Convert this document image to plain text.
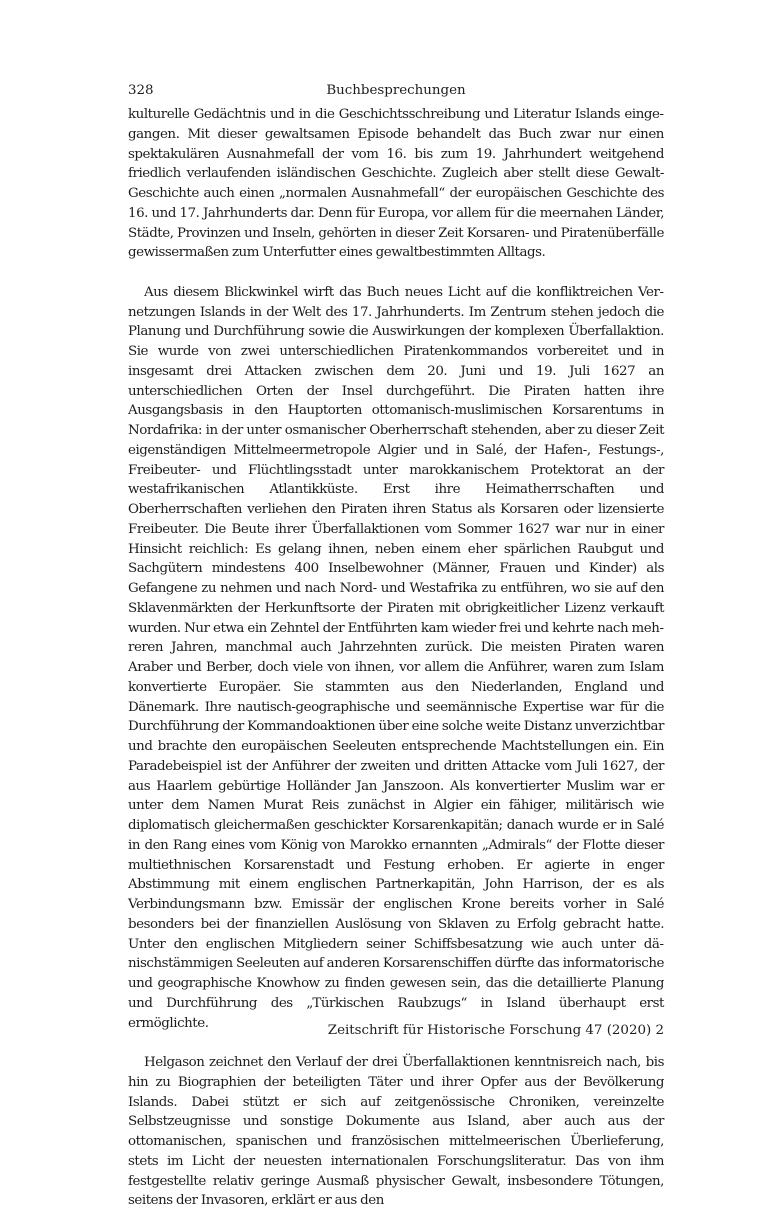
328	Buchbesprechungen

kulturelle Gedächtnis und in die Geschichtsschreibung und Literatur Islands eingegangen. Mit dieser gewaltsamen Episode behandelt das Buch zwar nur einen spektakulären Ausnahmefall der vom 16. bis zum 19. Jahrhundert weitgehend friedlich verlaufenden isländischen Geschichte. Zugleich aber stellt diese Gewalt-Geschichte auch einen „normalen Ausnahmefall“ der europäischen Geschichte des 16. und 17. Jahrhunderts dar. Denn für Europa, vor allem für die meernahen Länder, Städte, Provinzen und Inseln, gehörten in dieser Zeit Korsaren- und Piratenüberfälle gewissermaßen zum Unterfutter eines gewaltbestimmten Alltags.

Aus diesem Blickwinkel wirft das Buch neues Licht auf die konfliktreichen Vernetzungen Islands in der Welt des 17. Jahrhunderts. Im Zentrum stehen jedoch die Planung und Durchführung sowie die Auswirkungen der komplexen Überfallaktion. Sie wurde von zwei unterschiedlichen Piratenkommandos vorbereitet und in insgesamt drei Attacken zwischen dem 20. Juni und 19. Juli 1627 an unterschiedlichen Orten der Insel durchgeführt. Die Piraten hatten ihre Ausgangsbasis in den Hauptorten ottomanisch-muslimischen Korsarentums in Nordafrika: in der unter osmanischer Oberherrschaft stehenden, aber zu dieser Zeit eigenständigen Mittelmeermetropole Algier und in Salé, der Hafen-, Festungs-, Freibeuter- und Flüchtlingsstadt unter marokkanischem Protektorat an der westafrikanischen Atlantikküste. Erst ihre Heimatherrschaften und Oberherrschaften verliehen den Piraten ihren Status als Korsaren oder lizensierte Freibeuter. Die Beute ihrer Überfallaktionen vom Sommer 1627 war nur in einer Hinsicht reichlich: Es gelang ihnen, neben einem eher spärlichen Raubgut und Sachgütern mindestens 400 Inselbewohner (Männer, Frauen und Kinder) als Gefangene zu nehmen und nach Nord- und Westafrika zu entführen, wo sie auf den Sklavenmärkten der Herkunftsorte der Piraten mit obrigkeitlicher Lizenz verkauft wurden. Nur etwa ein Zehntel der Entführten kam wieder frei und kehrte nach mehreren Jahren, manchmal auch Jahrzehnten zurück. Die meisten Piraten waren Araber und Berber, doch viele von ihnen, vor allem die Anführer, waren zum Islam konvertierte Europäer. Sie stammten aus den Niederlanden, England und Dänemark. Ihre nautisch-geographische und seemännische Expertise war für die Durchführung der Kommandoaktionen über eine solche weite Distanz unverzichtbar und brachte den europäischen Seeleuten entsprechende Machtstellungen ein. Ein Paradebeispiel ist der Anführer der zweiten und dritten Attacke vom Juli 1627, der aus Haarlem gebürtige Holländer Jan Janszoon. Als konvertierter Muslim war er unter dem Namen Murat Reis zunächst in Algier ein fähiger, militärisch wie diplomatisch gleichermaßen geschickter Korsarenkapitän; danach wurde er in Salé in den Rang eines vom König von Marokko ernannten „Admirals“ der Flotte dieser multiethnischen Korsarenstadt und Festung erhoben. Er agierte in enger Abstimmung mit einem englischen Partnerkapitän, John Harrison, der es als Verbindungsmann bzw. Emissär der englischen Krone bereits vorher in Salé besonders bei der finanziellen Auslösung von Sklaven zu Erfolg gebracht hatte. Unter den englischen Mitgliedern seiner Schiffsbesatzung wie auch unter dänischstämmigen Seeleuten auf anderen Korsarenschiffen dürfte das informatorische und geographische Knowhow zu finden gewesen sein, das die detaillierte Planung und Durchführung des „Türkischen Raubzugs“ in Island überhaupt erst ermöglichte.

Helgason zeichnet den Verlauf der drei Überfallaktionen kenntnisreich nach, bis hin zu Biographien der beteiligten Täter und ihrer Opfer aus der Bevölkerung Islands. Dabei stützt er sich auf zeitgenössische Chroniken, vereinzelte Selbstzeugnisse und sonstige Dokumente aus Island, aber auch aus der ottomanischen, spanischen und französischen mittelmeerischen Überlieferung, stets im Licht der neuesten internationalen Forschungsliteratur. Das von ihm festgestellte relativ geringe Ausmaß physischer Gewalt, insbesondere Tötungen, seitens der Invasoren, erklärt er aus den

Zeitschrift für Historische Forschung 47 (2020) 2
